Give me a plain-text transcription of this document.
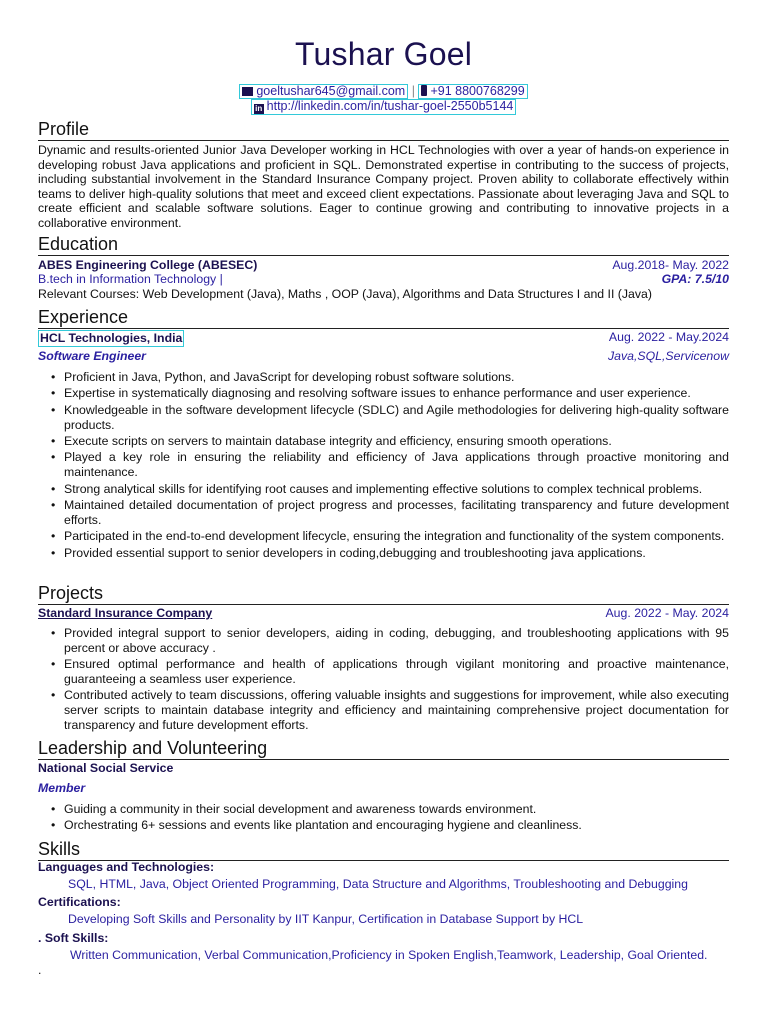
Tushar Goel
goeltushar645@gmail.com | +91 8800768299
in http://linkedin.com/in/tushar-goel-2550b5144
Profile
Dynamic and results-oriented Junior Java Developer working in HCL Technologies with over a year of hands-on experience in developing robust Java applications and proficient in SQL. Demonstrated expertise in contributing to the success of projects, including substantial involvement in the Standard Insurance Company project. Proven ability to collaborate effectively within teams to deliver high-quality solutions that meet and exceed client expectations. Passionate about leveraging Java and SQL to create efficient and scalable software solutions. Eager to continue growing and contributing to innovative projects in a collaborative environment.
Education
ABES Engineering College (ABESEC)	Aug.2018- May. 2022
B.tech in Information Technology |	GPA: 7.5/10
Relevant Courses: Web Development (Java), Maths , OOP (Java), Algorithms and Data Structures I and II (Java)
Experience
HCL Technologies, India	Aug. 2022 - May.2024
Software Engineer	Java,SQL,Servicenow
• Proficient in Java, Python, and JavaScript for developing robust software solutions.
• Expertise in systematically diagnosing and resolving software issues to enhance performance and user experience.
• Knowledgeable in the software development lifecycle (SDLC) and Agile methodologies for delivering high-quality software products.
• Execute scripts on servers to maintain database integrity and efficiency, ensuring smooth operations.
• Played a key role in ensuring the reliability and efficiency of Java applications through proactive monitoring and maintenance.
• Strong analytical skills for identifying root causes and implementing effective solutions to complex technical problems.
• Maintained detailed documentation of project progress and processes, facilitating transparency and future development efforts.
• Participated in the end-to-end development lifecycle, ensuring the integration and functionality of the system components.
• Provided essential support to senior developers in coding,debugging and troubleshooting java applications.
Projects
Standard Insurance Company	Aug. 2022 - May. 2024
• Provided integral support to senior developers, aiding in coding, debugging, and troubleshooting applications with 95 percent or above accuracy .
• Ensured optimal performance and health of applications through vigilant monitoring and proactive maintenance, guaranteeing a seamless user experience.
• Contributed actively to team discussions, offering valuable insights and suggestions for improvement, while also executing server scripts to maintain database integrity and efficiency and maintaining comprehensive project documentation for transparency and future development efforts.
Leadership and Volunteering
National Social Service
Member
• Guiding a community in their social development and awareness towards environment.
• Orchestrating 6+ sessions and events like plantation and encouraging hygiene and cleanliness.
Skills
Languages and Technologies:
SQL, HTML, Java, Object Oriented Programming, Data Structure and Algorithms, Troubleshooting and Debugging
Certifications:
Developing Soft Skills and Personality by IIT Kanpur, Certification in Database Support by HCL
. Soft Skills:
Written Communication, Verbal Communication,Proficiency in Spoken English,Teamwork, Leadership, Goal Oriented.
.
